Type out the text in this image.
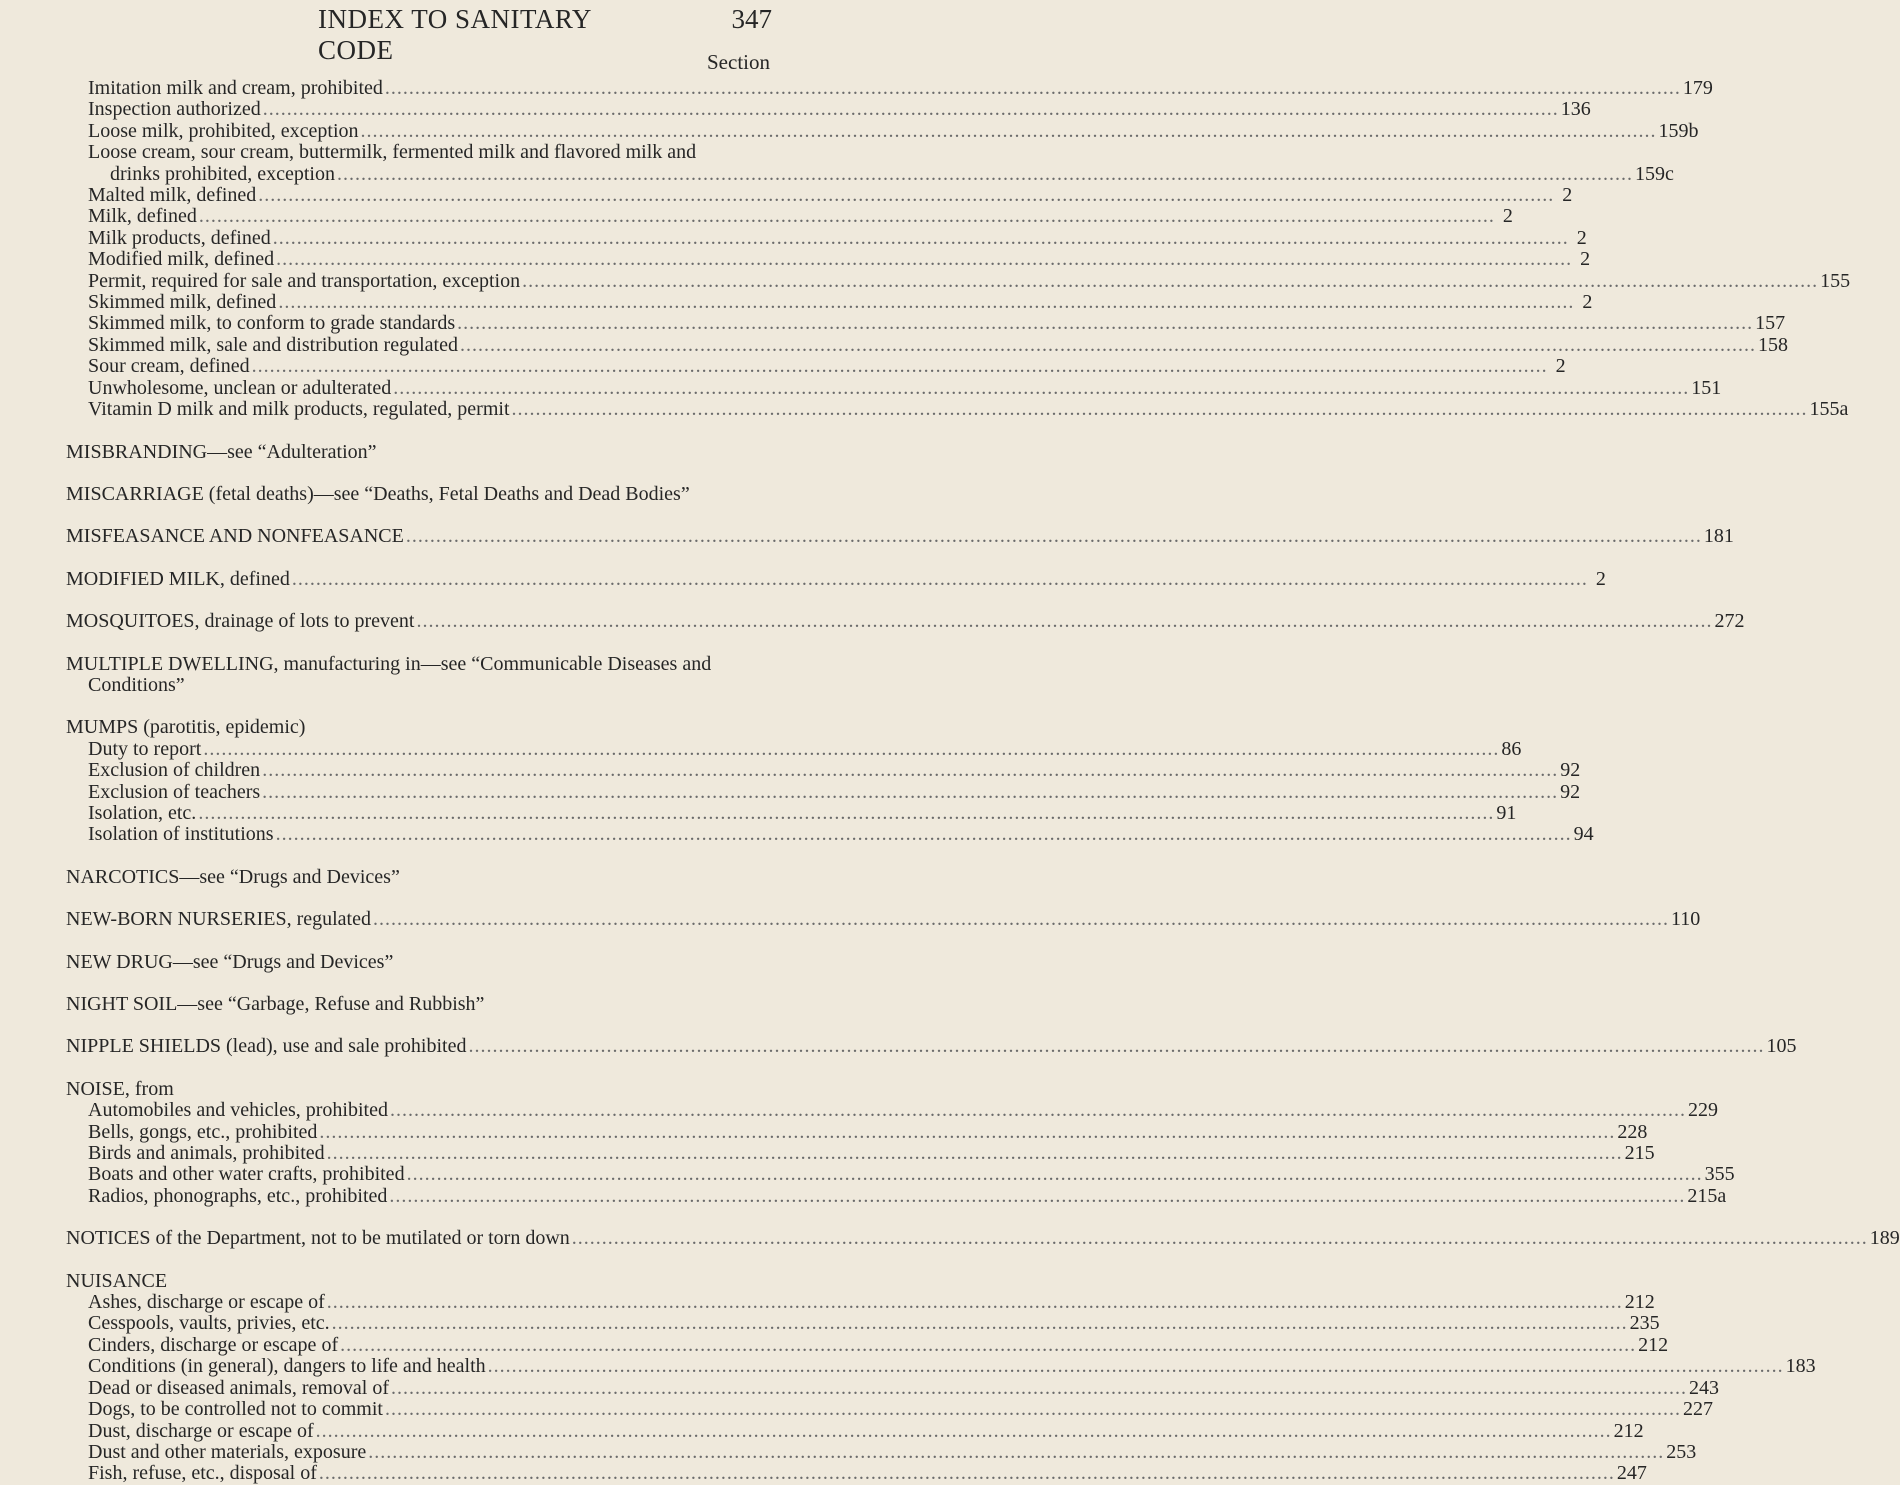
INDEX TO SANITARY CODE
347
Section
Imitation milk and cream, prohibited .....	179
Inspection authorized .....	136
Loose milk, prohibited, exception .....	159b
Loose cream, sour cream, buttermilk, fermented milk and flavored milk and
drinks prohibited, exception .....	159c
Malted milk, defined .....	2
Milk, defined .....	2
Milk products, defined .....	2
Modified milk, defined .....	2
Permit, required for sale and transportation, exception .....	155
Skimmed milk, defined .....	2
Skimmed milk, to conform to grade standards .....	157
Skimmed milk, sale and distribution regulated .....	158
Sour cream, defined .....	2
Unwholesome, unclean or adulterated .....	151
Vitamin D milk and milk products, regulated, permit .....	155a
MISBRANDING—see “Adulteration”
MISCARRIAGE (fetal deaths)—see “Deaths, Fetal Deaths and Dead Bodies”
MISFEASANCE AND NONFEASANCE .....	181
MODIFIED MILK, defined .....	2
MOSQUITOES, drainage of lots to prevent .....	272
MULTIPLE DWELLING, manufacturing in—see “Communicable Diseases and
Conditions”
MUMPS (parotitis, epidemic)
Duty to report .....	86
Exclusion of children .....	92
Exclusion of teachers .....	92
Isolation, etc. .....	91
Isolation of institutions .....	94
NARCOTICS—see “Drugs and Devices”
NEW-BORN NURSERIES, regulated .....	110
NEW DRUG—see “Drugs and Devices”
NIGHT SOIL—see “Garbage, Refuse and Rubbish”
NIPPLE SHIELDS (lead), use and sale prohibited .....	105
NOISE, from
Automobiles and vehicles, prohibited .....	229
Bells, gongs, etc., prohibited .....	228
Birds and animals, prohibited .....	215
Boats and other water crafts, prohibited .....	355
Radios, phonographs, etc., prohibited .....	215a
NOTICES of the Department, not to be mutilated or torn down .....	189
NUISANCE
Ashes, discharge or escape of .....	212
Cesspools, vaults, privies, etc. .....	235
Cinders, discharge or escape of .....	212
Conditions (in general), dangers to life and health .....	183
Dead or diseased animals, removal of .....	243
Dogs, to be controlled not to commit .....	227
Dust, discharge or escape of .....	212
Dust and other materials, exposure .....	253
Fish, refuse, etc., disposal of .....	247
